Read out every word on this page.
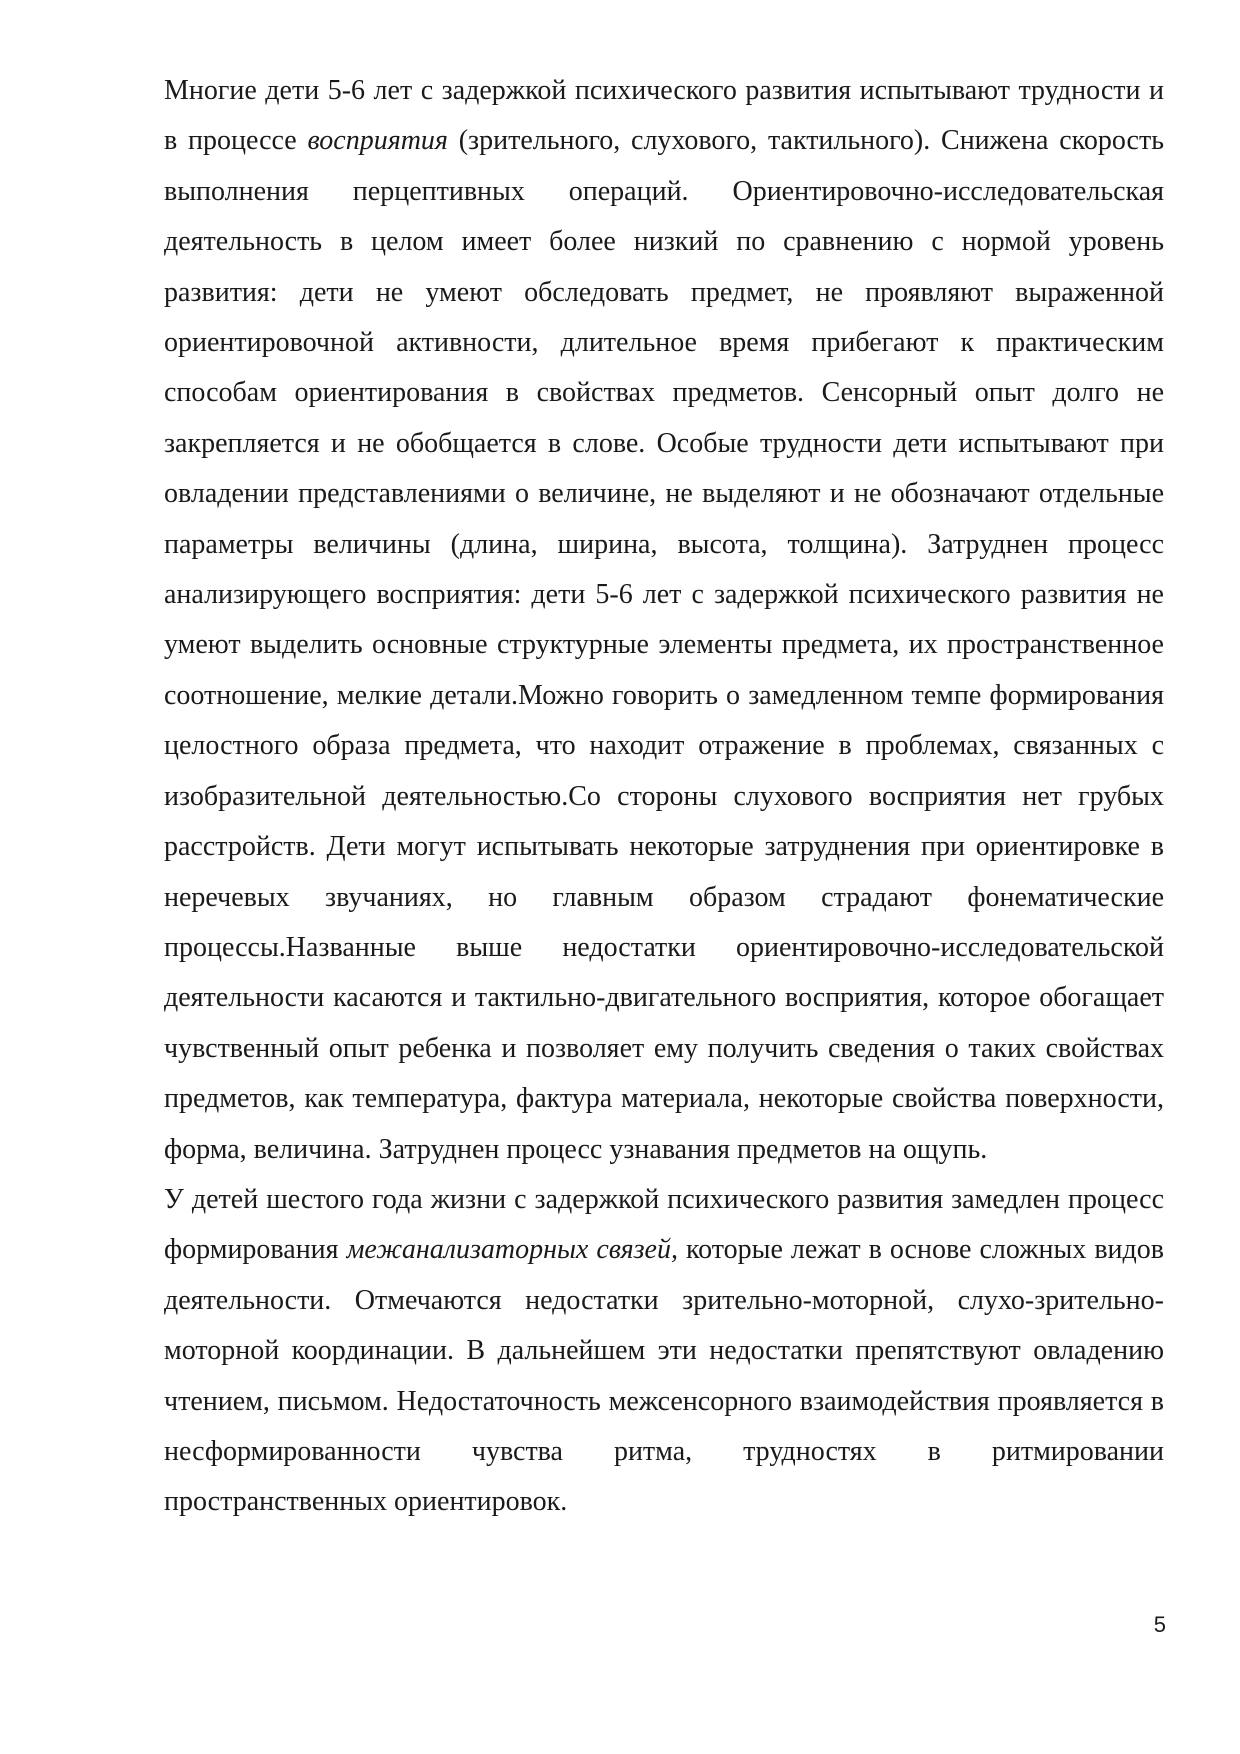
Многие дети 5-6 лет с задержкой психического развития испытывают трудности и в процессе восприятия (зрительного, слухового, тактильного). Снижена скорость выполнения перцептивных операций. Ориентировочно-исследовательская деятельность в целом имеет более низкий по сравнению с нормой уровень развития: дети не умеют обследовать предмет, не проявляют выраженной ориентировочной активности, длительное время прибегают к практическим способам ориентирования в свойствах предметов. Сенсорный опыт долго не закрепляется и не обобщается в слове. Особые трудности дети испытывают при овладении представлениями о величине, не выделяют и не обозначают отдельные параметры величины (длина, ширина, высота, толщина). Затруднен процесс анализирующего восприятия: дети 5-6 лет с задержкой психического развития не умеют выделить основные структурные элементы предмета, их пространственное соотношение, мелкие детали.Можно говорить о замедленном темпе формирования целостного образа предмета, что находит отражение в проблемах, связанных с изобразительной деятельностью.Со стороны слухового восприятия нет грубых расстройств. Дети могут испытывать некоторые затруднения при ориентировке в неречевых звучаниях, но главным образом страдают фонематические процессы.Названные выше недостатки ориентировочно-исследовательской деятельности касаются и тактильно-двигательного восприятия, которое обогащает чувственный опыт ребенка и позволяет ему получить сведения о таких свойствах предметов, как температура, фактура материала, некоторые свойства поверхности, форма, величина. Затруднен процесс узнавания предметов на ощупь.

У детей шестого года жизни с задержкой психического развития замедлен процесс формирования межанализаторных связей, которые лежат в основе сложных видов деятельности. Отмечаются недостатки зрительно-моторной, слухо-зрительно-моторной координации. В дальнейшем эти недостатки препятствуют овладению чтением, письмом. Недостаточность межсенсорного взаимодействия проявляется в несформированности чувства ритма, трудностях в ритмировании пространственных ориентировок.

5
